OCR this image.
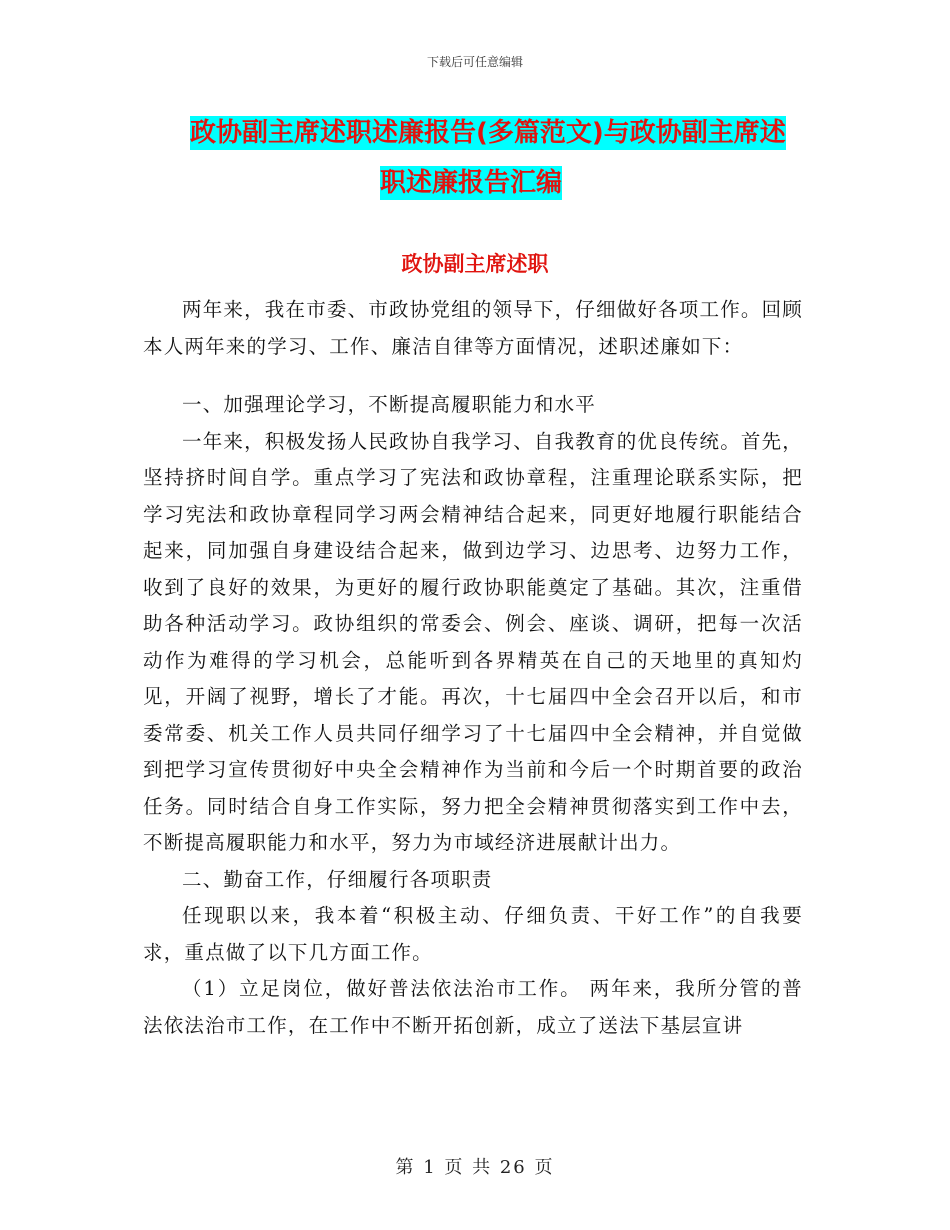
下载后可任意编辑
政协副主席述职述廉报告(多篇范文)与政协副主席述
职述廉报告汇编
政协副主席述职

两年来，我在市委、市政协党组的领导下，仔细做好各项工作。回顾本人两年来的学习、工作、廉洁自律等方面情况，述职述廉如下：

一、加强理论学习，不断提高履职能力和水平

一年来，积极发扬人民政协自我学习、自我教育的优良传统。首先，坚持挤时间自学。重点学习了宪法和政协章程，注重理论联系实际，把学习宪法和政协章程同学习两会精神结合起来，同更好地履行职能结合起来，同加强自身建设结合起来，做到边学习、边思考、边努力工作，收到了良好的效果，为更好的履行政协职能奠定了基础。其次，注重借助各种活动学习。政协组织的常委会、例会、座谈、调研，把每一次活动作为难得的学习机会，总能听到各界精英在自己的天地里的真知灼见，开阔了视野，增长了才能。再次，十七届四中全会召开以后，和市委常委、机关工作人员共同仔细学习了十七届四中全会精神，并自觉做到把学习宣传贯彻好中央全会精神作为当前和今后一个时期首要的政治任务。同时结合自身工作实际，努力把全会精神贯彻落实到工作中去，不断提高履职能力和水平，努力为市域经济进展献计出力。

二、勤奋工作，仔细履行各项职责

任现职以来，我本着“积极主动、仔细负责、干好工作”的自我要求，重点做了以下几方面工作。

（1）立足岗位，做好普法依法治市工作。 两年来，我所分管的普法依法治市工作，在工作中不断开拓创新，成立了送法下基层宣讲

第 1 页 共 26 页
